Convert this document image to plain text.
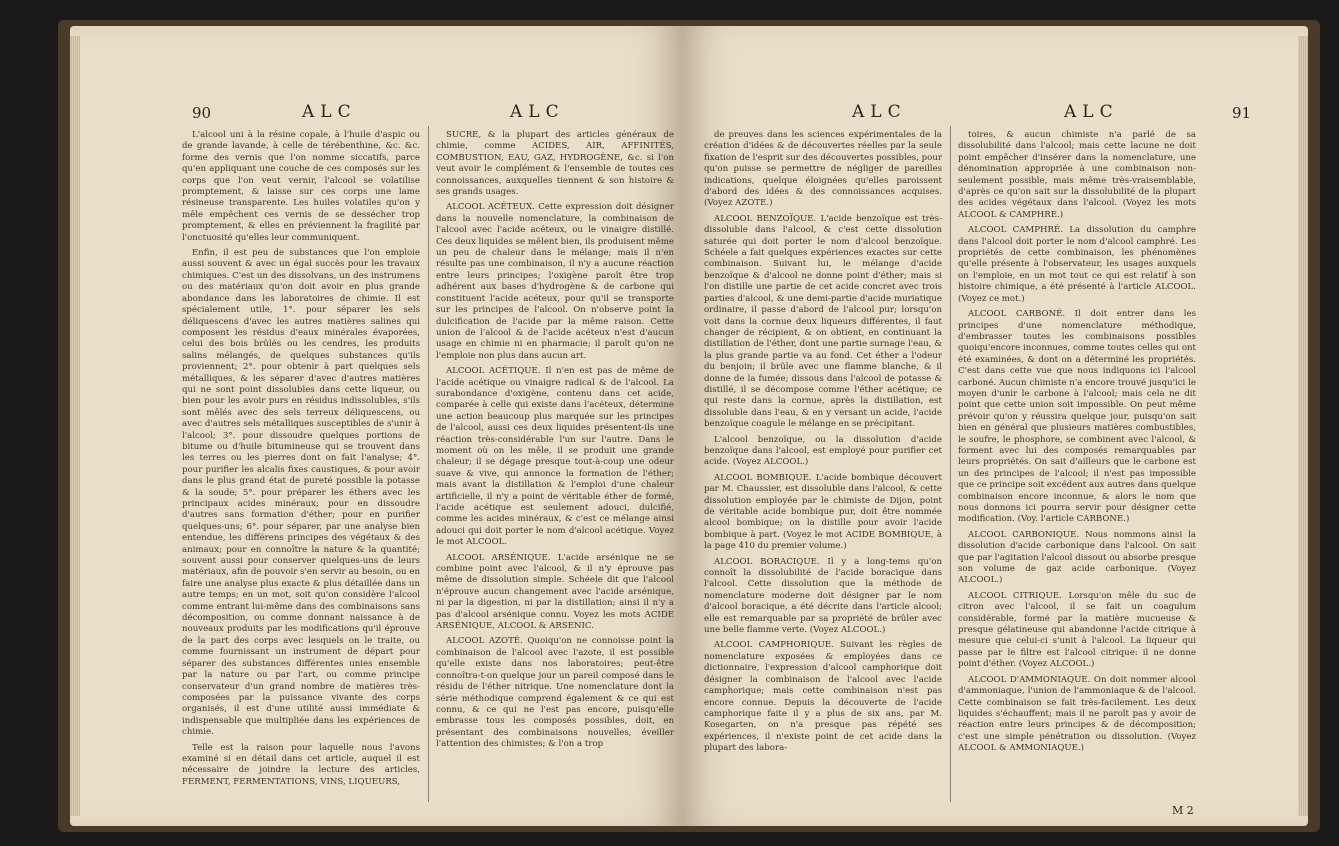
90	ALC	ALC

L'alcool uni à la résine copale, à l'huile d'aspic ou de grande lavande, à celle de térébenthine, &c. &c. forme des vernis que l'on nomme siccatifs, parce qu'en appliquant une couche de ces composés sur les corps que l'on veut vernir, l'alcool se volatilise promptement, & laisse sur ces corps une lame résineuse transparente. Les huiles volatiles qu'on y mêle empêchent ces vernis de se dessécher trop promptement, & elles en préviennent la fragilité par l'onctuosité qu'elles leur communiquent.

Enfin, il est peu de substances que l'on emploie aussi souvent & avec un égal succès pour les travaux chimiques. C'est un des dissolvans, un des instrumens ou des matériaux qu'on doit avoir en plus grande abondance dans les laboratoires de chimie. Il est spécialement utile, 1°. pour séparer les sels déliquescens d'avec les autres matières salines qui composent les résidus d'eaux minérales évaporées, celui des bois brûlés ou les cendres, les produits salins mélangés, de quelques substances qu'ils proviennent; 2°. pour obtenir à part quelques sels métalliques, & les séparer d'avec d'autres matières qui ne sont point dissolubles dans cette liqueur, ou bien pour les avoir purs en résidus indissolubles, s'ils sont mêlés avec des sels terreux déliquescens, ou avec d'autres sels métalliques susceptibles de s'unir à l'alcool; 3°. pour dissoudre quelques portions de bitume ou d'huile bitumineuse qui se trouvent dans les terres ou les pierres dont on fait l'analyse; 4°. pour purifier les alcalis fixes caustiques, & pour avoir dans le plus grand état de pureté possible la potasse & la soude; 5°. pour préparer les éthers avec les principaux acides minéraux; pour en dissoudre d'autres sans formation d'éther; pour en purifier quelques-uns; 6°. pour séparer, par une analyse bien entendue, les différens principes des végétaux & des animaux; pour en connoître la nature & la quantité; souvent aussi pour conserver quelques-uns de leurs matériaux, afin de pouvoir s'en servir au besoin, ou en faire une analyse plus exacte & plus détaillée dans un autre temps; en un mot, soit qu'on considère l'alcool comme entrant lui-même dans des combinaisons sans décomposition, ou comme donnant naissance à de nouveaux produits par les modifications qu'il éprouve de la part des corps avec lesquels on le traite, ou comme fournissant un instrument de départ pour séparer des substances différentes unies ensemble par la nature ou par l'art, ou comme principe conservateur d'un grand nombre de matières très-composées par la puissance vivante des corps organisés, il est d'une utilité aussi immédiate & indispensable que multipliée dans les expériences de chimie.

Telle est la raison pour laquelle nous l'avons examiné si en détail dans cet article, auquel il est nécessaire de joindre la lecture des articles, FERMENT, FERMENTATIONS, VINS, LIQUEURS,

SUCRE, & la plupart des articles généraux de chimie, comme ACIDES, AIR, AFFINITÉS, COMBUSTION, EAU, GAZ, HYDROGÈNE, &c. si l'on veut avoir le complément & l'ensemble de toutes ces connoissances, auxquelles tiennent & son histoire & ses grands usages.

ALCOOL ACÉTEUX. Cette expression doit désigner dans la nouvelle nomenclature, la combinaison de l'alcool avec l'acide acéteux, ou le vinaigre distillé. Ces deux liquides se mêlent bien, ils produisent même un peu de chaleur dans le mélange; mais il n'en résulte pas une combinaison, il n'y a aucune réaction entre leurs principes; l'oxigène paroît être trop adhérent aux bases d'hydrogène & de carbone qui constituent l'acide acéteux, pour qu'il se transporte sur les principes de l'alcool. On n'observe point la dulcification de l'acide par la même raison. Cette union de l'alcool & de l'acide acéteux n'est d'aucun usage en chimie ni en pharmacie; il paroît qu'on ne l'emploie non plus dans aucun art.

ALCOOL ACÉTIQUE. Il n'en est pas de même de l'acide acétique ou vinaigre radical & de l'alcool. La surabondance d'oxigène, contenu dans cet acide, comparée à celle qui existe dans l'acéteux, détermine une action beaucoup plus marquée sur les principes de l'alcool, aussi ces deux liquides présentent-ils une réaction très-considérable l'un sur l'autre. Dans le moment où on les mêle, il se produit une grande chaleur; il se dégage presque tout-à-coup une odeur suave & vive, qui annonce la formation de l'éther; mais avant la distillation & l'emploi d'une chaleur artificielle, il n'y a point de véritable éther de formé, l'acide acétique est seulement adouci, dulcifié, comme les acides minéraux, & c'est ce mélange ainsi adouci qui doit porter le nom d'alcool acétique. Voyez le mot ALCOOL.

ALCOOL ARSÉNIQUE. L'acide arsénique ne se combine point avec l'alcool, & il n'y éprouve pas même de dissolution simple. Schéele dit que l'alcool n'éprouve aucun changement avec l'acide arsénique, ni par la digestion, ni par la distillation; ainsi il n'y a pas d'alcool arsénique connu. Voyez les mots ACIDE ARSÉNIQUE, ALCOOL & ARSENIC.

ALCOOL AZOTÉ. Quoiqu'on ne connoisse point la combinaison de l'alcool avec l'azote, il est possible qu'elle existe dans nos laboratoires; peut-être connoîtra-t-on quelque jour un pareil composé dans le résidu de l'éther nitrique. Une nomenclature dont la série méthodique comprend également & ce qui est connu, & ce qui ne l'est pas encore, puisqu'elle embrasse tous les composés possibles, doit, en présentant des combinaisons nouvelles, éveiller l'attention des chimistes; & l'on a trop

ALC	ALC	91

de preuves dans les sciences expérimentales de la création d'idées & de découvertes réelles par la seule fixation de l'esprit sur des découvertes possibles, pour qu'on puisse se permettre de négliger de pareilles indications, quelque éloignées qu'elles paroissent d'abord des idées & des connoissances acquises. (Voyez AZOTE.)

ALCOOL BENZOÏQUE. L'acide benzoïque est très-dissoluble dans l'alcool, & c'est cette dissolution saturée qui doit porter le nom d'alcool benzoïque. Schéele a fait quelques expériences exactes sur cette combinaison. Suivant lui, le mélange d'acide benzoïque & d'alcool ne donne point d'éther; mais si l'on distille une partie de cet acide concret avec trois parties d'alcool, & une demi-partie d'acide muriatique ordinaire, il passe d'abord de l'alcool pur; lorsqu'on voit dans la cornue deux liqueurs différentes, il faut changer de récipient, & on obtient, en continuant la distillation de l'éther, dont une partie surnage l'eau, & la plus grande partie va au fond. Cet éther a l'odeur du benjoin; il brûle avec une flamme blanche, & il donne de la fumée; dissous dans l'alcool de potasse & distillé, il se décompose comme l'éther acétique; ce qui reste dans la cornue, après la distillation, est dissoluble dans l'eau, & en y versant un acide, l'acide benzoïque coagule le mélange en se précipitant.

L'alcool benzoïque, ou la dissolution d'acide benzoïque dans l'alcool, est employé pour purifier cet acide. (Voyez ALCOOL.)

ALCOOL BOMBIQUE. L'acide bombique découvert par M. Chaussier, est dissoluble dans l'alcool, & cette dissolution employée par le chimiste de Dijon, point de véritable acide bombique pur, doit être nommée alcool bombique; on la distille pour avoir l'acide bombique à part. (Voyez le mot ACIDE BOMBIQUE, à la page 410 du premier volume.)

ALCOOL BORACIQUE. Il y a long-tems qu'on connoît la dissolubilité de l'acide boracique dans l'alcool. Cette dissolution que la méthode de nomenclature moderne doit désigner par le nom d'alcool boracique, a été décrite dans l'article alcool; elle est remarquable par sa propriété de brûler avec une belle flamme verte. (Voyez ALCOOL.)

ALCOOL CAMPHORIQUE. Suivant les règles de nomenclature exposées & employées dans ce dictionnaire, l'expression d'alcool camphorique doit désigner la combinaison de l'alcool avec l'acide camphorique; mais cette combinaison n'est pas encore connue. Depuis la découverte de l'acide camphorique faite il y a plus de six ans, par M. Kosegarten, on n'a presque pas répété ses expériences, il n'existe point de cet acide dans la plupart des labora-

toires, & aucun chimiste n'a parlé de sa dissolubilité dans l'alcool; mais cette lacune ne doit point empêcher d'insérer dans la nomenclature, une dénomination appropriée à une combinaison non-seulement possible, mais même très-vraisemblable, d'après ce qu'on sait sur la dissolubilité de la plupart des acides végétaux dans l'alcool. (Voyez les mots ALCOOL & CAMPHRE.)

ALCOOL CAMPHRÉ. La dissolution du camphre dans l'alcool doit porter le nom d'alcool camphré. Les propriétés de cette combinaison, les phénomènes qu'elle présente à l'observateur, les usages auxquels on l'emploie, en un mot tout ce qui est relatif à son histoire chimique, a été présenté à l'article ALCOOL. (Voyez ce mot.)

ALCOOL CARBONÉ. Il doit entrer dans les principes d'une nomenclature méthodique, d'embrasser toutes les combinaisons possibles quoiqu'encore inconnues, comme toutes celles qui ont été examinées, & dont on a déterminé les propriétés. C'est dans cette vue que nous indiquons ici l'alcool carboné. Aucun chimiste n'a encore trouvé jusqu'ici le moyen d'unir le carbone à l'alcool; mais cela ne dit point que cette union soit impossible. On peut même prévoir qu'on y réussira quelque jour, puisqu'on sait bien en général que plusieurs matières combustibles, le soufre, le phosphore, se combinent avec l'alcool, & forment avec lui des composés remarquables par leurs propriétés. On sait d'ailleurs que le carbone est un des principes de l'alcool; il n'est pas impossible que ce principe soit excédent aux autres dans quelque combinaison encore inconnue, & alors le nom que nous donnons ici pourra servir pour désigner cette modification. (Voy. l'article CARBONE.)

ALCOOL CARBONIQUE. Nous nommons ainsi la dissolution d'acide carbonique dans l'alcool. On sait que par l'agitation l'alcool dissout ou absorbe presque son volume de gaz acide carbonique. (Voyez ALCOOL.)

ALCOOL CITRIQUE. Lorsqu'on mêle du suc de citron avec l'alcool, il se fait un coagulum considérable, formé par la matière mucueuse & presque gélatineuse qui abandonne l'acide citrique à mesure que celui-ci s'unit à l'alcool. La liqueur qui passe par le filtre est l'alcool citrique: il ne donne point d'éther. (Voyez ALCOOL.)

ALCOOL D'AMMONIAQUE. On doit nommer alcool d'ammoniaque, l'union de l'ammoniaque & de l'alcool. Cette combinaison se fait très-facilement. Les deux liquides s'échauffent; mais il ne paroît pas y avoir de réaction entre leurs principes & de décomposition; c'est une simple pénétration ou dissolution. (Voyez ALCOOL & AMMONIAQUE.)

M 2
